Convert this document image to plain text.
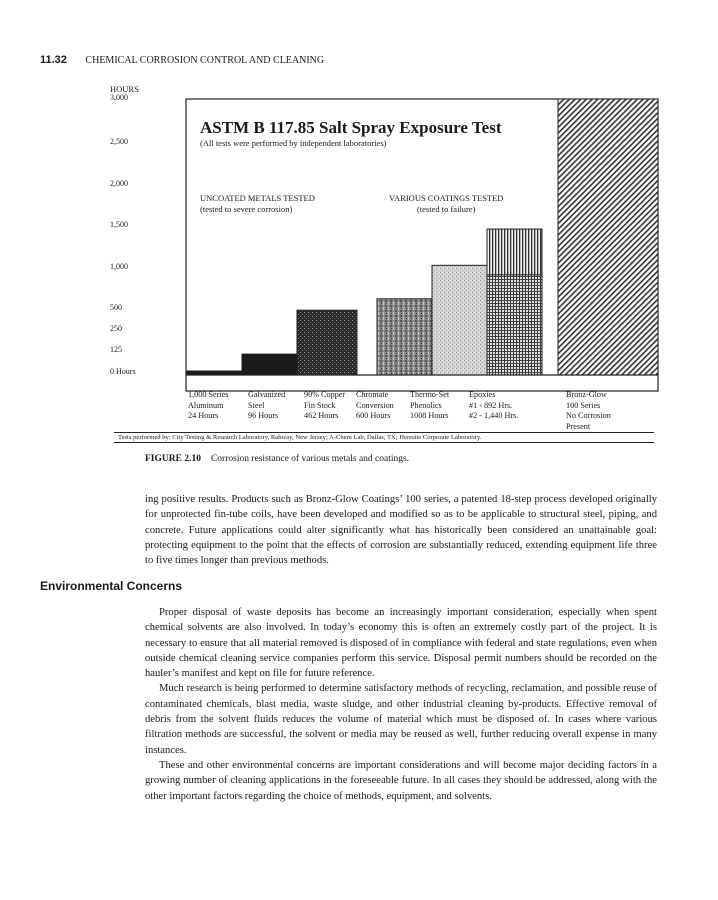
11.32 CHEMICAL CORROSION CONTROL AND CLEANING
HOURS
3,000
2,500
2,000
1,500
1,000
500
250
125
0 Hours
ASTM B 117.85 Salt Spray Exposure Test
(All tests were performed by independent laboratories)
UNCOATED METALS TESTED
(tested to severe corrosion)
VARIOUS COATINGS TESTED
(tested to failure)
1,000 Series
Aluminum
24 Hours
Galvanized
Steel
96 Hours
90% Copper
Fin Stock
462 Hours
Chromate
Conversion
600 Hours
Thermo-Set
Phenolics
1008 Hours
Epoxies
#1 - 892 Hrs.
#2 - 1,440 Hrs.
Bronz-Glow
100 Series
No Corrosion
Present
Tests performed by: City Testing & Research Laboratory, Rahway, New Jersey; A-Chem Lab, Dallas, TX; Heresite Corporate Laboratory.
FIGURE 2.10 Corrosion resistance of various metals and coatings.
ing positive results. Products such as Bronz-Glow Coatings’ 100 series, a patented 18-step process developed originally for unprotected fin-tube coils, have been developed and modified so as to be applicable to structural steel, piping, and concrete. Future applications could alter significantly what has historically been considered an unattainable goal: protecting equipment to the point that the effects of corrosion are substantially reduced, extending equipment life three to five times longer than previous methods.
Environmental Concerns
Proper disposal of waste deposits has become an increasingly important consideration, especially when spent chemical solvents are also involved. In today’s economy this is often an extremely costly part of the project. It is necessary to ensure that all material removed is disposed of in compliance with federal and state regulations, even when outside chemical cleaning service companies perform this service. Disposal permit numbers should be recorded on the hauler’s manifest and kept on file for future reference.
Much research is being performed to determine satisfactory methods of recycling, reclamation, and possible reuse of contaminated chemicals, blast media, waste sludge, and other industrial cleaning by-products. Effective removal of debris from the solvent fluids reduces the volume of material which must be disposed of. In cases where various filtration methods are successful, the solvent or media may be reused as well, further reducing overall expense in many instances.
These and other environmental concerns are important considerations and will become major deciding factors in a growing number of cleaning applications in the foreseeable future. In all cases they should be addressed, along with the other important factors regarding the choice of methods, equipment, and solvents.
